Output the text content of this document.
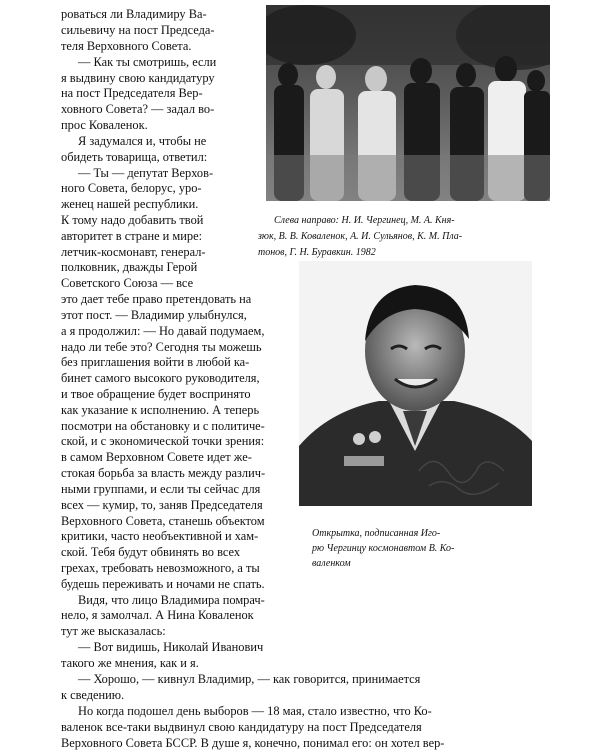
ровaться ли Владимиру Ва-
сильевичу на пост Председа-
теля Верховного Совета.
— Как ты смотришь, если
я выдвину свою кандидатуру
на пост Председателя Вер-
ховного Совета? — задал во-
прос Коваленок.
Я задумался и, чтобы не
обидеть товарища, ответил:
— Ты — депутат Верхов-
ного Совета, белорус, уро-
женец нашей республики.
К тому надо добавить твой
авторитет в стране и мире:
летчик-космонавт, генерал-
полковник, дважды Герой
Советского Союза — все
это дает тебе право претендовать на
этот пост. — Владимир улыбнулся,
а я продолжил: — Но давай подумаем,
надо ли тебе это? Сегодня ты можешь
без приглашения войти в любой ка-
бинет самого высокого руководителя,
и твое обращение будет воспринято
как указание к исполнению. А теперь
посмотри на обстановку и с политиче-
ской, и с экономической точки зрения:
в самом Верховном Совете идет же-
стокая борьба за власть между различ-
ными группами, и если ты сейчас для
всех — кумир, то, заняв Председателя
Верховного Совета, станешь объектом
критики, часто необъективной и хам-
ской. Тебя будут обвинять во всех
грехах, требовать невозможного, а ты
будешь переживать и ночами не спать.
Видя, что лицо Владимира помрач-
нело, я замолчал. А Нина Коваленок
тут же высказалась:
— Вот видишь, Николай Иванович
такого же мнения, как и я.
— Хорошо, — кивнул Владимир, — как говорится, принимается
к сведению.
Но когда подошел день выборов — 18 мая, стало известно, что Ко-
валенок все-таки выдвинул свою кандидатуру на пост Председателя
Верховного Совета БССР. В душе я, конечно, понимал его: он хотел вер-
Слева направо: Н. И. Чергинец, М. А. Кня-
зюк, В. В. Коваленок, А. И. Сульянов, К. М. Пла-
тонов, Г. Н. Буравкин. 1982
Открытка, подписанная Иго-
рю Чергинцу космонавтом В. Ко-
валенком
